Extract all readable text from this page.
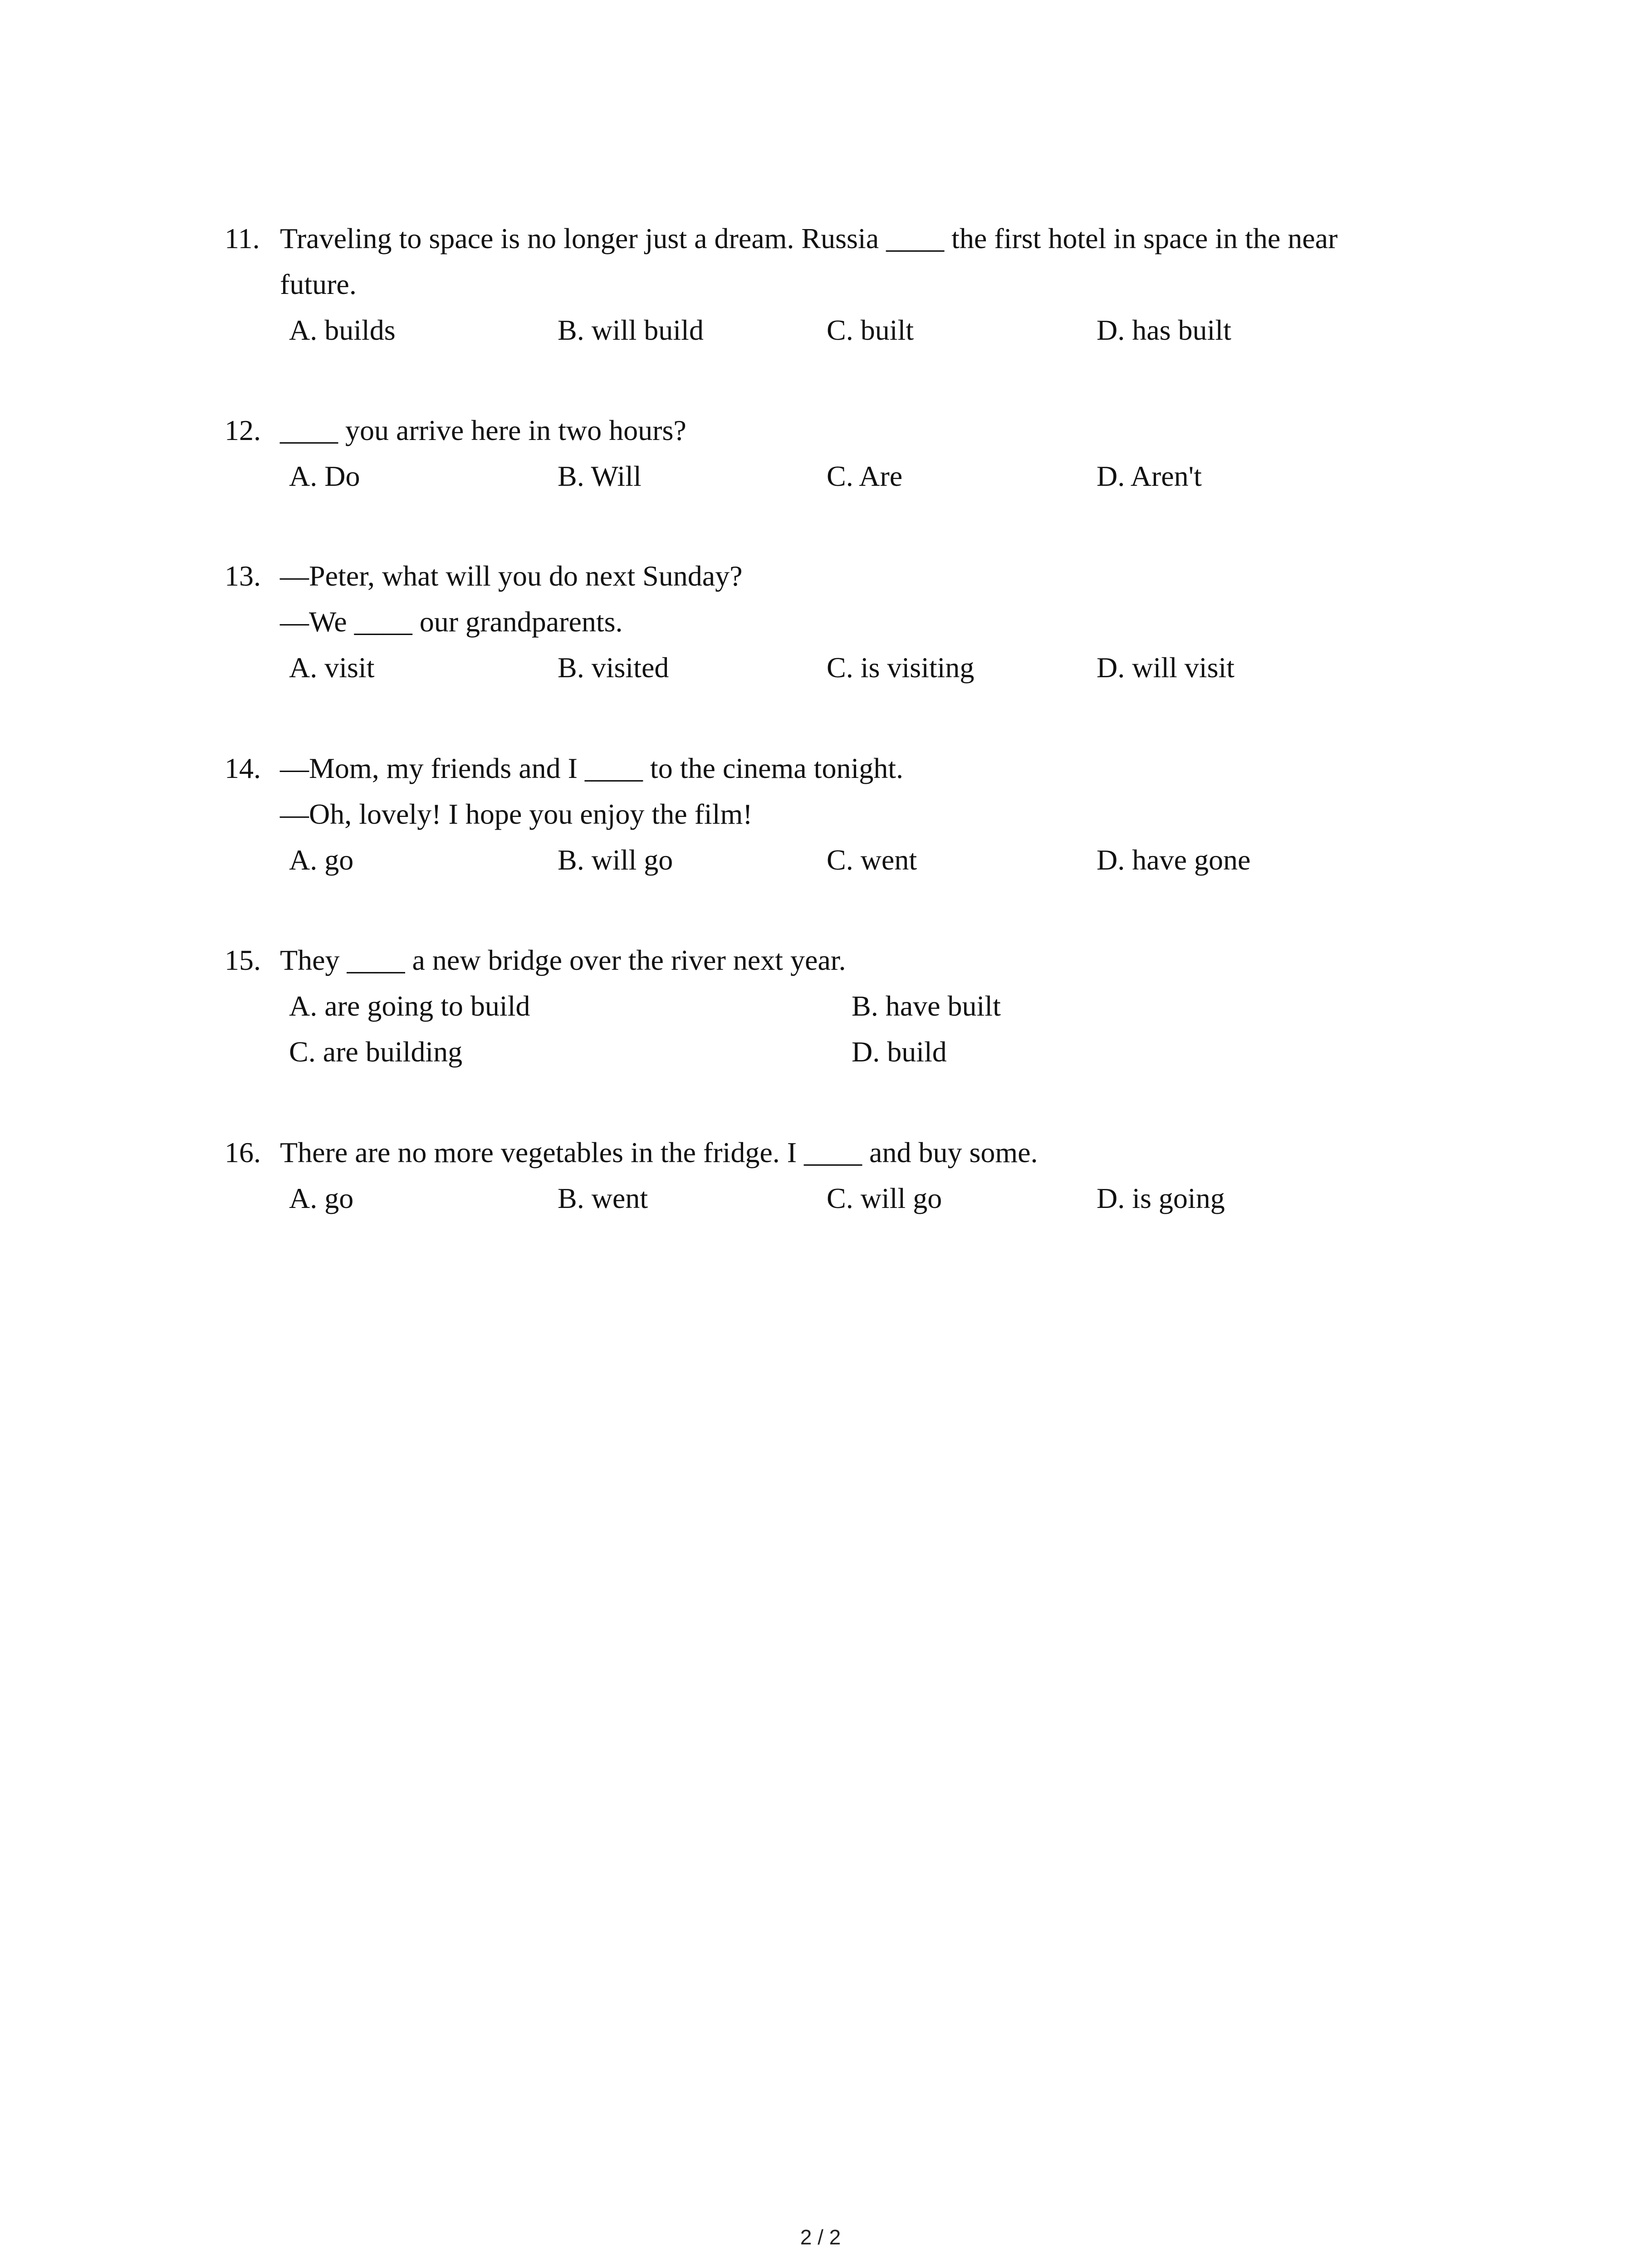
11. Traveling to space is no longer just a dream. Russia ____ the first hotel in space in the near
future.
A. builds	B. will build	C. built	D. has built
12. ____ you arrive here in two hours?
A. Do	B. Will	C. Are	D. Aren't
13. —Peter, what will you do next Sunday?
—We ____ our grandparents.
A. visit	B. visited	C. is visiting	D. will visit
14. —Mom, my friends and I ____ to the cinema tonight.
—Oh, lovely! I hope you enjoy the film!
A. go	B. will go	C. went	D. have gone
15. They ____ a new bridge over the river next year.
A. are going to build	B. have built
C. are building	D. build
16. There are no more vegetables in the fridge. I ____ and buy some.
A. go	B. went	C. will go	D. is going
2 / 2
